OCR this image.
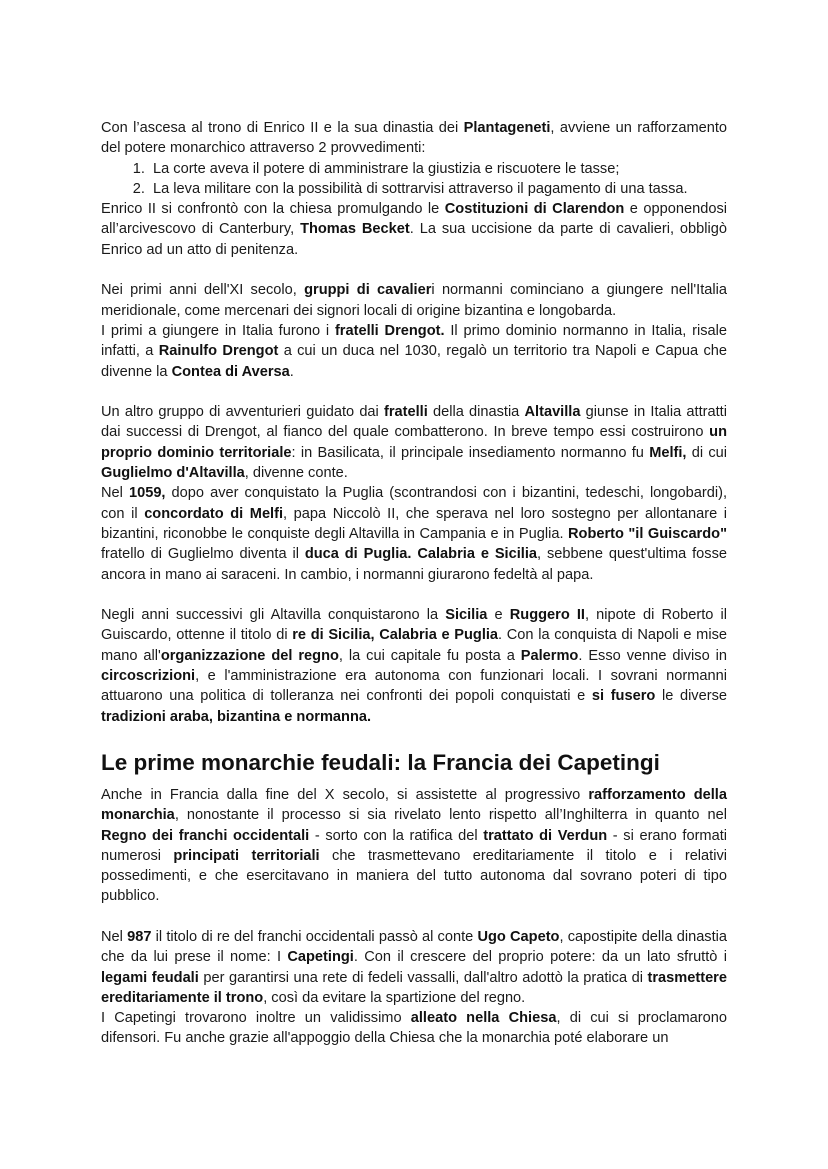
Con l’ascesa al trono di Enrico II e la sua dinastia dei Plantageneti, avviene un rafforzamento del potere monarchico attraverso 2 provvedimenti:

1. La corte aveva il potere di amministrare la giustizia e riscuotere le tasse;
2. La leva militare con la possibilità di sottrarvisi attraverso il pagamento di una tassa.

Enrico II si confrontò con la chiesa promulgando le Costituzioni di Clarendon e opponendosi all’arcivescovo di Canterbury, Thomas Becket. La sua uccisione da parte di cavalieri, obbligò Enrico ad un atto di penitenza.

Nei primi anni dell'XI secolo, gruppi di cavalieri normanni cominciano a giungere nell'Italia meridionale, come mercenari dei signori locali di origine bizantina e longobarda.

I primi a giungere in Italia furono i fratelli Drengot. Il primo dominio normanno in Italia, risale infatti, a Rainulfo Drengot a cui un duca nel 1030, regalò un territorio tra Napoli e Capua che divenne la Contea di Aversa.

Un altro gruppo di avventurieri guidato dai fratelli della dinastia Altavilla giunse in Italia attratti dai successi di Drengot, al fianco del quale combatterono. In breve tempo essi costruirono un proprio dominio territoriale: in Basilicata, il principale insediamento normanno fu Melfi, di cui Guglielmo d'Altavilla, divenne conte.

Nel 1059, dopo aver conquistato la Puglia (scontrandosi con i bizantini, tedeschi, longobardi), con il concordato di Melfi, papa Niccolò II, che sperava nel loro sostegno per allontanare i bizantini, riconobbe le conquiste degli Altavilla in Campania e in Puglia. Roberto "il Guiscardo" fratello di Guglielmo diventa il duca di Puglia. Calabria e Sicilia, sebbene quest'ultima fosse ancora in mano ai saraceni. In cambio, i normanni giurarono fedeltà al papa.

Negli anni successivi gli Altavilla conquistarono la Sicilia e Ruggero II, nipote di Roberto il Guiscardo, ottenne il titolo di re di Sicilia, Calabria e Puglia. Con la conquista di Napoli e mise mano all'organizzazione del regno, la cui capitale fu posta a Palermo. Esso venne diviso in circoscrizioni, e l'amministrazione era autonoma con funzionari locali. I sovrani normanni attuarono una politica di tolleranza nei confronti dei popoli conquistati e si fusero le diverse tradizioni araba, bizantina e normanna.

Le prime monarchie feudali: la Francia dei Capetingi

Anche in Francia dalla fine del X secolo, si assistette al progressivo rafforzamento della monarchia, nonostante il processo si sia rivelato lento rispetto all’Inghilterra in quanto nel Regno dei franchi occidentali - sorto con la ratifica del trattato di Verdun - si erano formati numerosi principati territoriali che trasmettevano ereditariamente il titolo e i relativi possedimenti, e che esercitavano in maniera del tutto autonoma dal sovrano poteri di tipo pubblico.

Nel 987 il titolo di re del franchi occidentali passò al conte Ugo Capeto, capostipite della dinastia che da lui prese il nome: I Capetingi. Con il crescere del proprio potere: da un lato sfruttò i legami feudali per garantirsi una rete di fedeli vassalli, dall'altro adottò la pratica di trasmettere ereditariamente il trono, così da evitare la spartizione del regno.

I Capetingi trovarono inoltre un validissimo alleato nella Chiesa, di cui si proclamarono difensori. Fu anche grazie all'appoggio della Chiesa che la monarchia poté elaborare un
